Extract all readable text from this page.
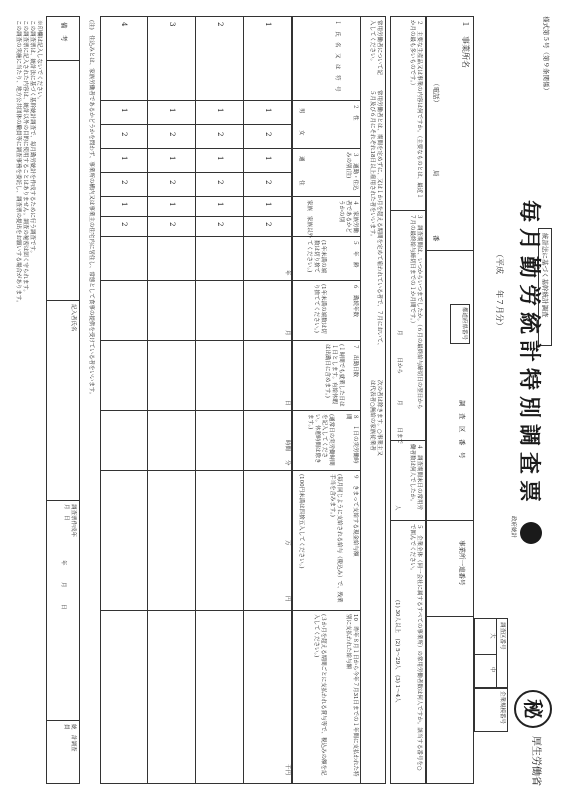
様式第５号（第９条関係）
統計法に基づく基幹統計調査
毎月勤労統計特別調査票
（平成　　年７月分）
政府統計
秘
厚生労働省
調査区番号
大
中
企業規模番号
１　事業所名
（電話）
局
番
都道府県番号
調　査　区　番　号
事業所一連番号
２　主要な生産品又は事業の内容は何ですか。（主要なものとは、最近１か月の最も多いものです。）
３　調査期間は、いつからいつまでしたか。（６月の最終給与締切日の翌日から７月の最終給与締切日までの１か月間です。）
月　　　　日から
月　　　　日まで
４　調査期間末日の常用労働者数は何人でしたか。
人
５　企業全体（同一会社に属するすべての事業所）の常用労働者数は何人ですか。該当する番号を○で囲んでください。
(1) 30人以上　(2) 5～29人　(3) 1～4人
常用労働者について記入してください。
常用労働者とは、期間を定めずに、又は１か月を超える期間を定めて雇われている者で、７月において、５月及び６月にそれぞれ18日以上雇用された者をいいます。
次の者は除きます。○事業主又は代表者○無給の家族従業者
１　氏　名　又　は　符　号
２　性
男
女
３　通勤・住込みの別(注)
通
住
４　家族労働者であるかどうかの別
家族
家族以外
５　年　齢
(1年未満の端数は切り捨ててください。)
６　勤続年数
(1年未満の端数は切り捨ててください。)
７　出勤日数
(１時間でも就業した日は１日とします。有給休暇は出勤日に含めます。)
８　１日の実労働時間
(通常日の実労働時間を記入してください。休憩時間は除きます。)
９　きまって支給する現金給与額
(毎月同じように支給される給与（税込み）で、残業手当を含みます。)
(100円未満は四捨五入してください。)
10　昨年８月１日から今年７月31日までの１年間に支払われた特別に支払われた給与額
(３か月を超える期間ごとに支払われる賞与等で、税込みの額を記入してください。)
1
1
2
1
2
1
2
2
1
2
1
2
1
2
3
1
2
1
2
1
2
4
1
2
1
2
1
2
年
月
日
時間
分
万
円
千円
(注)　住込みとは、家族労働者であるかどうかを問わず、事業所の構内又は事業主の住宅内に居住し、常態として食事の提供を受けている者をいいます。
備　考
記入者氏名
調査票作成年　月　日
年　　　月　　　日
統　計調査員
※印欄は記入しないでください。
この調査票は、統計法に基づく基幹統計調査で、毎月勤労統計を作成するために行う調査です。
この調査票に記入された内容は、統計以外の目的に使用することはありません。調査の秘密は固く守られます。
この調査の実施に当たり、地方公共団体の職員等に調査事務を委託し、調査票の提出をお願いする場合があります。
